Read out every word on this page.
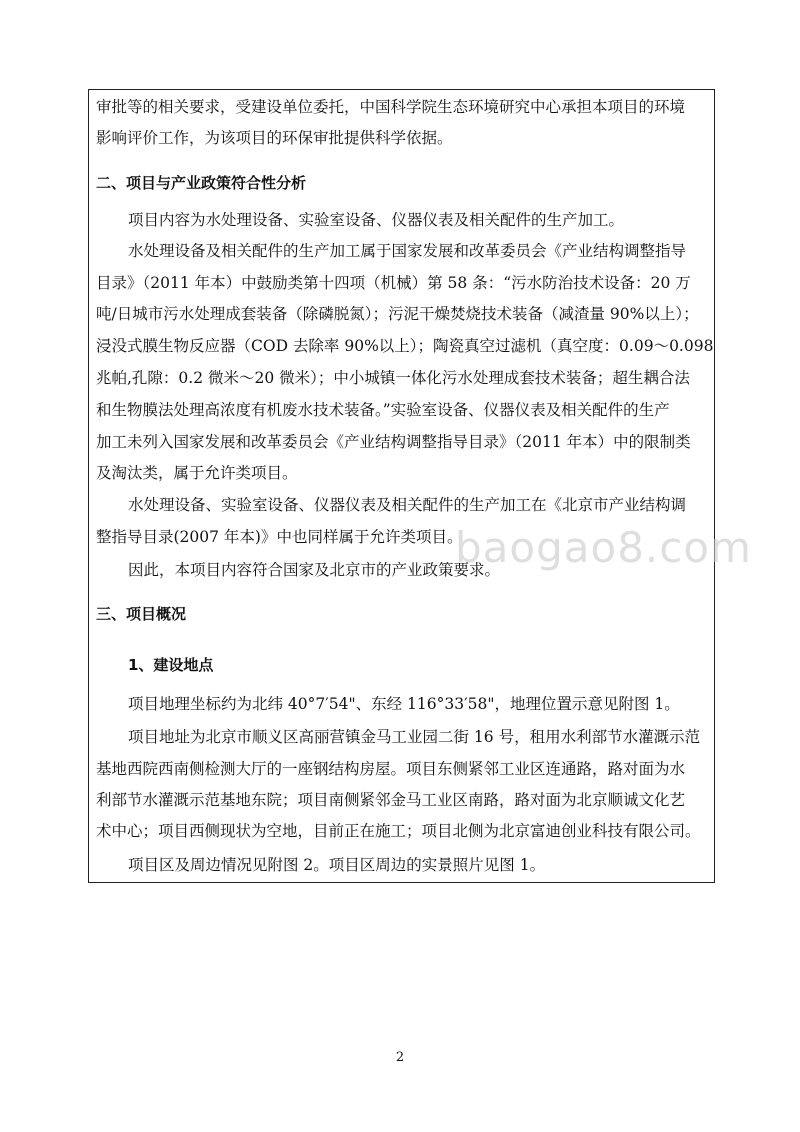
审批等的相关要求，受建设单位委托，中国科学院生态环境研究中心承担本项目的环境
影响评价工作，为该项目的环保审批提供科学依据。
二、项目与产业政策符合性分析
项目内容为水处理设备、实验室设备、仪器仪表及相关配件的生产加工。
水处理设备及相关配件的生产加工属于国家发展和改革委员会《产业结构调整指导
目录》（2011 年本）中鼓励类第十四项（机械）第 58 条：“污水防治技术设备：20 万
吨/日城市污水处理成套装备（除磷脱氮）；污泥干燥焚烧技术装备（减渣量 90%以上）；
浸没式膜生物反应器（COD 去除率 90%以上）；陶瓷真空过滤机（真空度：0.09～0.098
兆帕,孔隙：0.2 微米～20 微米）；中小城镇一体化污水处理成套技术装备；超生耦合法
和生物膜法处理高浓度有机废水技术装备。”实验室设备、仪器仪表及相关配件的生产
加工未列入国家发展和改革委员会《产业结构调整指导目录》（2011 年本）中的限制类
及淘汰类，属于允许类项目。
水处理设备、实验室设备、仪器仪表及相关配件的生产加工在《北京市产业结构调
整指导目录(2007 年本)》中也同样属于允许类项目。
因此，本项目内容符合国家及北京市的产业政策要求。
三、项目概况
1、建设地点
项目地理坐标约为北纬 40°7′54"、东经 116°33′58"，地理位置示意见附图 1。
项目地址为北京市顺义区高丽营镇金马工业园二街 16 号，租用水利部节水灌溉示范
基地西院西南侧检测大厅的一座钢结构房屋。项目东侧紧邻工业区连通路，路对面为水
利部节水灌溉示范基地东院；项目南侧紧邻金马工业区南路，路对面为北京顺诚文化艺
术中心；项目西侧现状为空地，目前正在施工；项目北侧为北京富迪创业科技有限公司。
项目区及周边情况见附图 2。项目区周边的实景照片见图 1。
baogao8.com
2
